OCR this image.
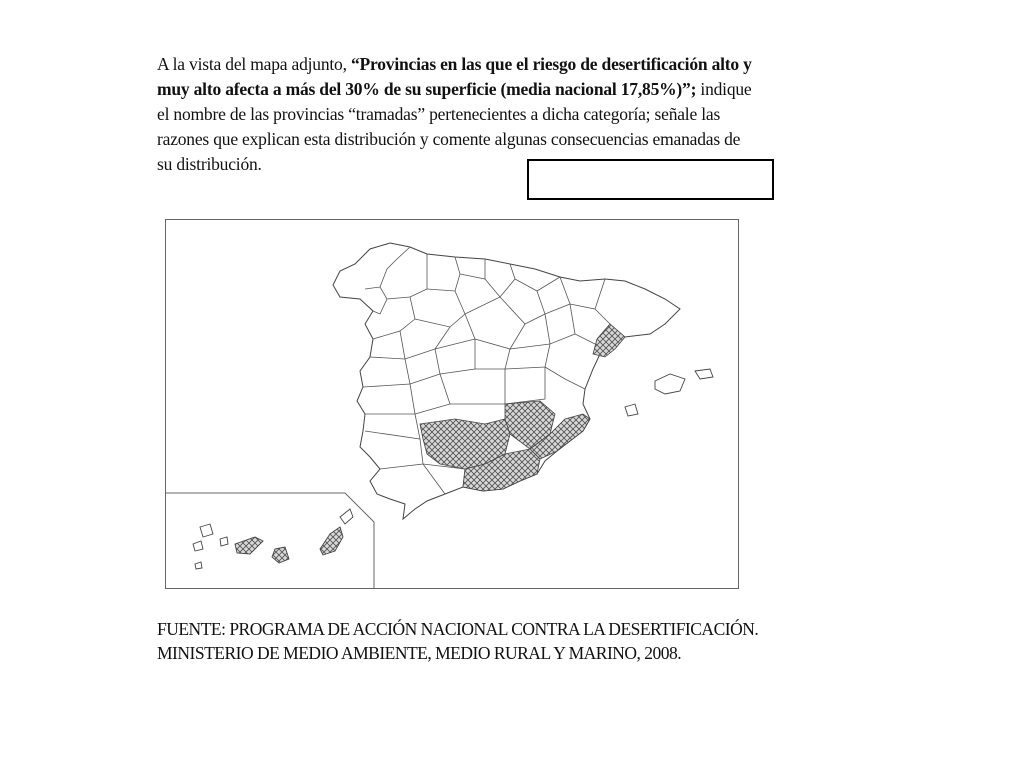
A la vista del mapa adjunto, “Provincias en las que el riesgo de desertificación alto y muy alto afecta a más del 30% de su superficie (media nacional 17,85%)”; indique el nombre de las provincias “tramadas” pertenecientes a dicha categoría; señale las razones que explican esta distribución y comente algunas consecuencias emanadas de su distribución.
FUENTE: PROGRAMA DE ACCIÓN NACIONAL CONTRA LA DESERTIFICACIÓN.
MINISTERIO DE MEDIO AMBIENTE, MEDIO RURAL Y MARINO, 2008.
